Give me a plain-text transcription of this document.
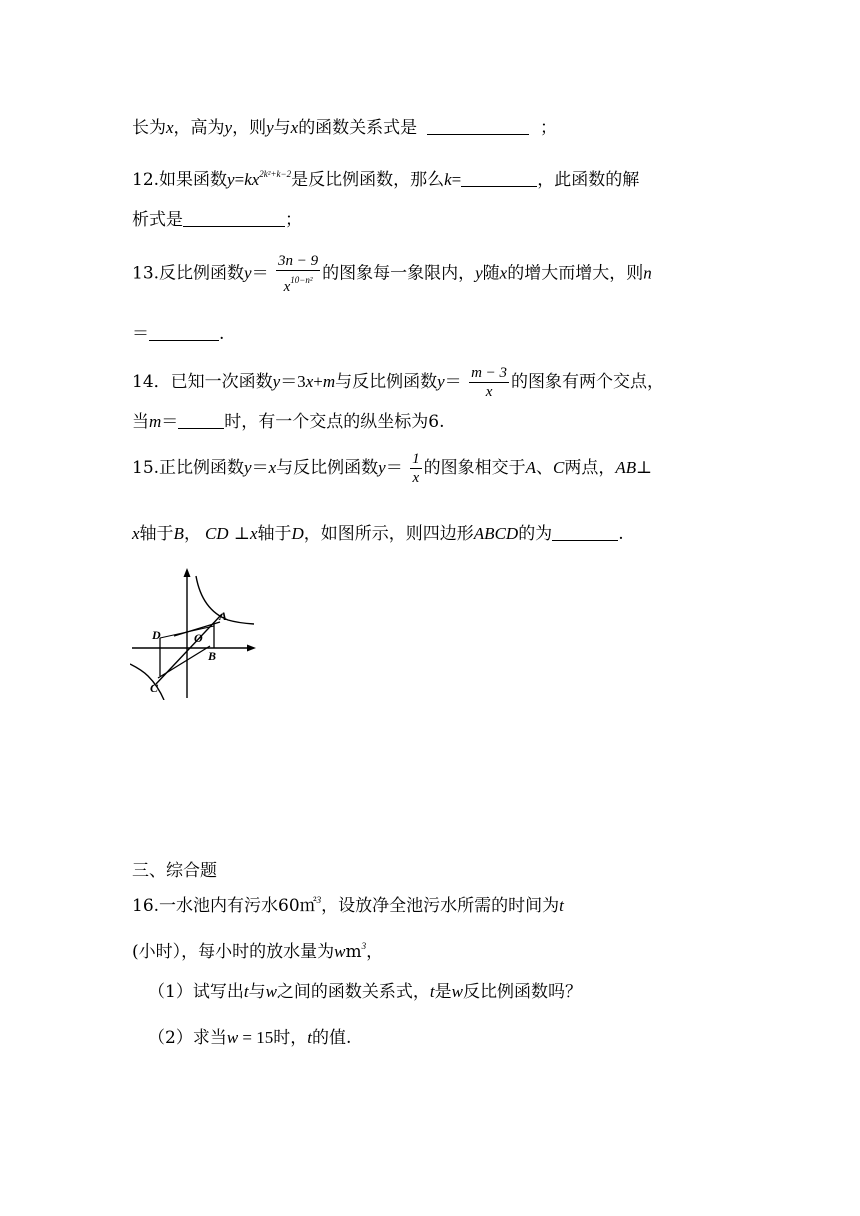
长为x，高为y，则y与x的函数关系式是	；
12.如果函数$y=kx^{2k^2+k-2}$是反比例函数，那么k=	，此函数的解
析式是	；
13.反比例函数$y= \frac{3n - 9}{x^{10-n^2}}$ 的图象每一象限内，y随x的增大而增大，则n
＝	.
14．已知一次函数y＝3x+m与反比例函数$y= \frac{m - 3}{x}$ 的图象有两个交点，
当m＝	时，有一个交点的纵坐标为6.
15.正比例函数y＝x与反比例函数$y= \frac{1}{x}$ 的图象相交于A、C两点，AB⊥
x轴于B， CD ⊥x轴于D，如图所示，则四边形ABCD的为	.
A
B
C
D	O
三、综合题
16.一水池内有污水60㎡$^3$，设放净全池污水所需的时间为t
(小时），每小时的放水量为$wm^3$，
（1）试写出t与w之间的函数关系式，t是w反比例函数吗？
（2）求当w = 15时，t的值.
